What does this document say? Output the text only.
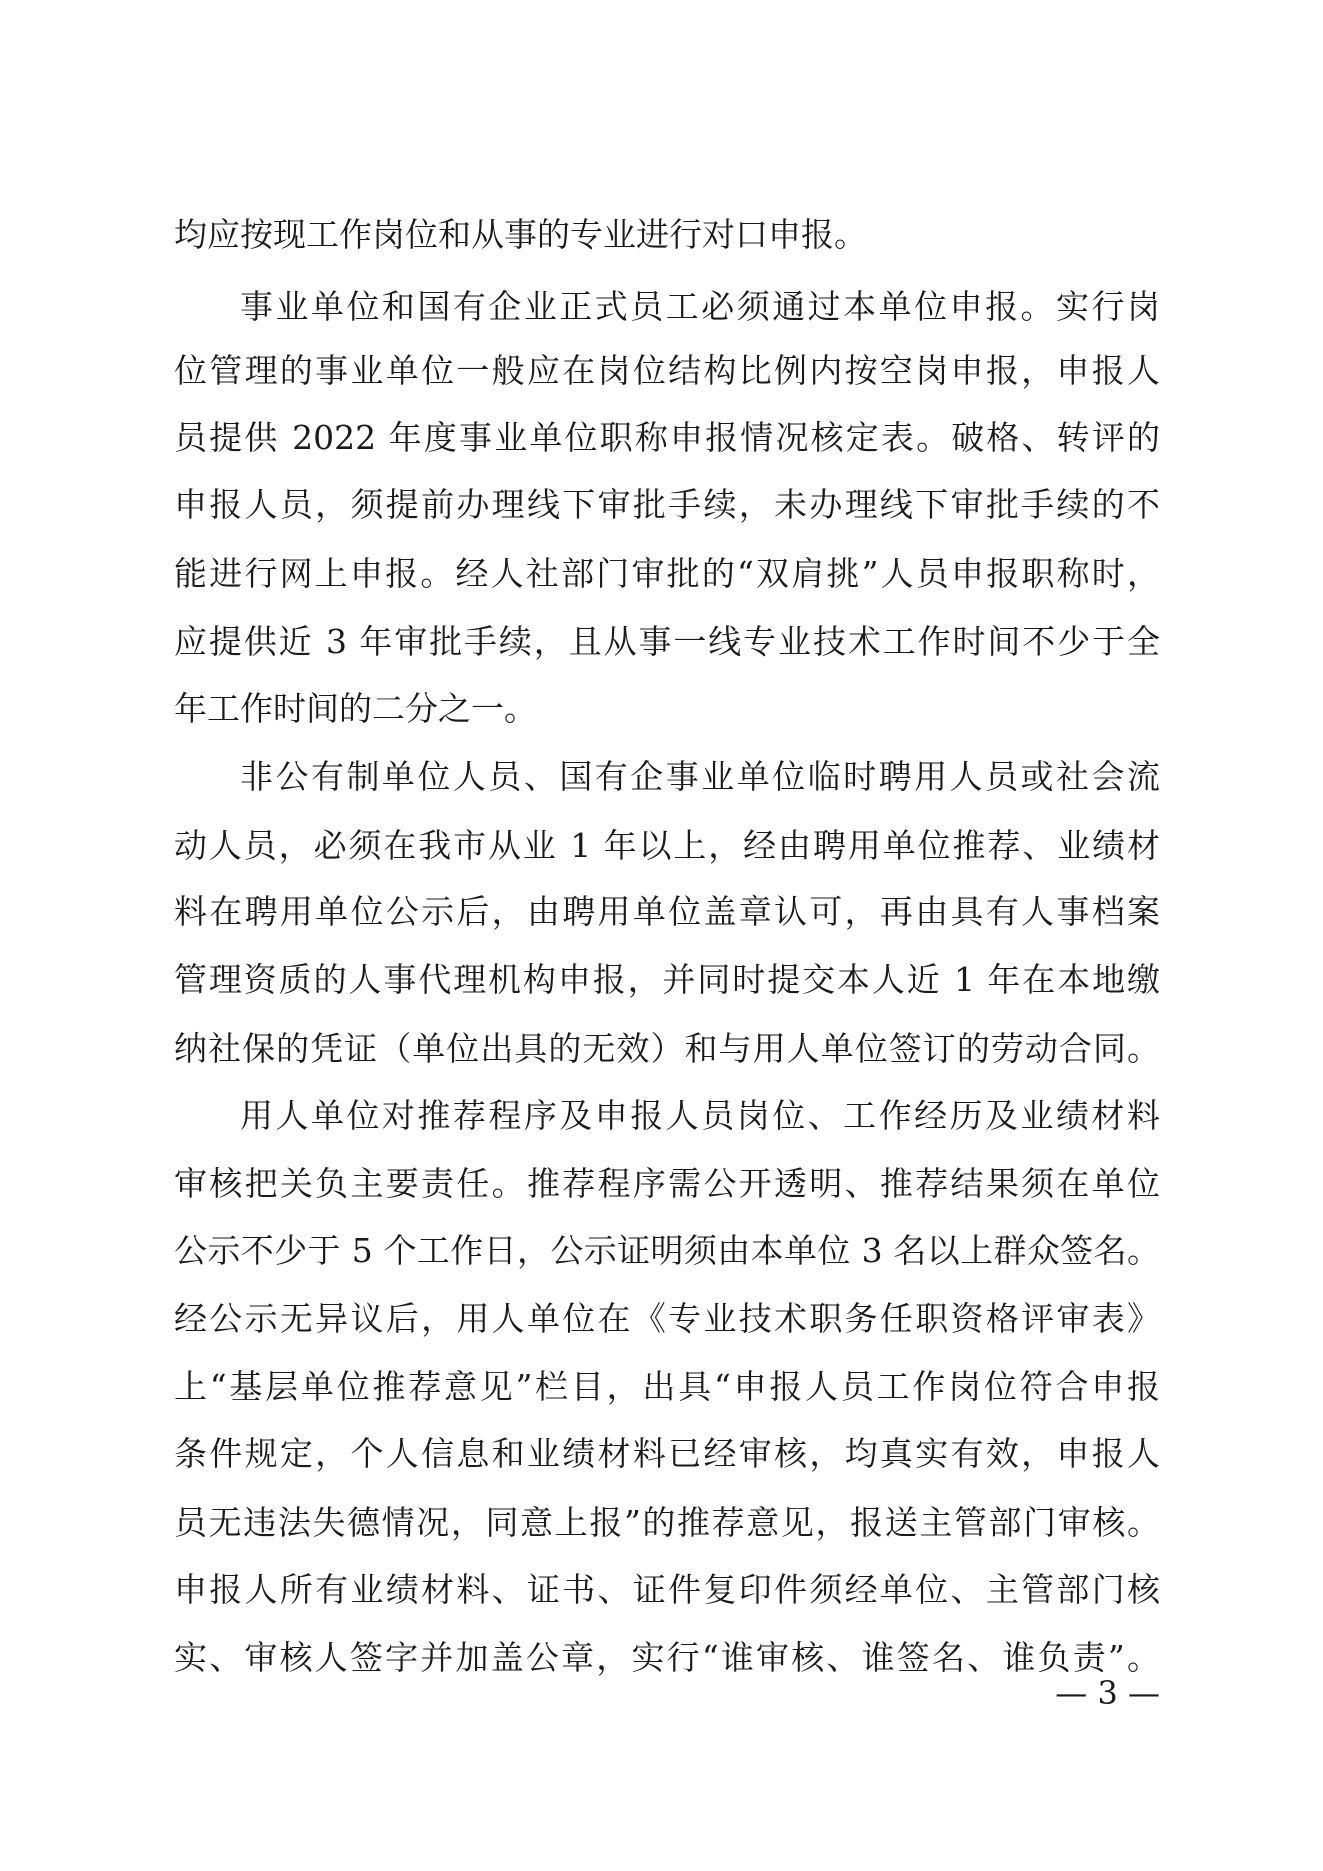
均应按现工作岗位和从事的专业进行对口申报。
事业单位和国有企业正式员工必须通过本单位申报。实行岗
位管理的事业单位一般应在岗位结构比例内按空岗申报，申报人
员提供 2022 年度事业单位职称申报情况核定表。破格、转评的
申报人员，须提前办理线下审批手续，未办理线下审批手续的不
能进行网上申报。经人社部门审批的“双肩挑”人员申报职称时，
应提供近 3 年审批手续，且从事一线专业技术工作时间不少于全
年工作时间的二分之一。
非公有制单位人员、国有企事业单位临时聘用人员或社会流
动人员，必须在我市从业 1 年以上，经由聘用单位推荐、业绩材
料在聘用单位公示后，由聘用单位盖章认可，再由具有人事档案
管理资质的人事代理机构申报，并同时提交本人近 1 年在本地缴
纳社保的凭证（单位出具的无效）和与用人单位签订的劳动合同。
用人单位对推荐程序及申报人员岗位、工作经历及业绩材料
审核把关负主要责任。推荐程序需公开透明、推荐结果须在单位
公示不少于 5 个工作日，公示证明须由本单位 3 名以上群众签名。
经公示无异议后，用人单位在《专业技术职务任职资格评审表》
上“基层单位推荐意见”栏目，出具“申报人员工作岗位符合申报
条件规定，个人信息和业绩材料已经审核，均真实有效，申报人
员无违法失德情况，同意上报”的推荐意见，报送主管部门审核。
申报人所有业绩材料、证书、证件复印件须经单位、主管部门核
实、审核人签字并加盖公章，实行“谁审核、谁签名、谁负责”。
— 3 —
